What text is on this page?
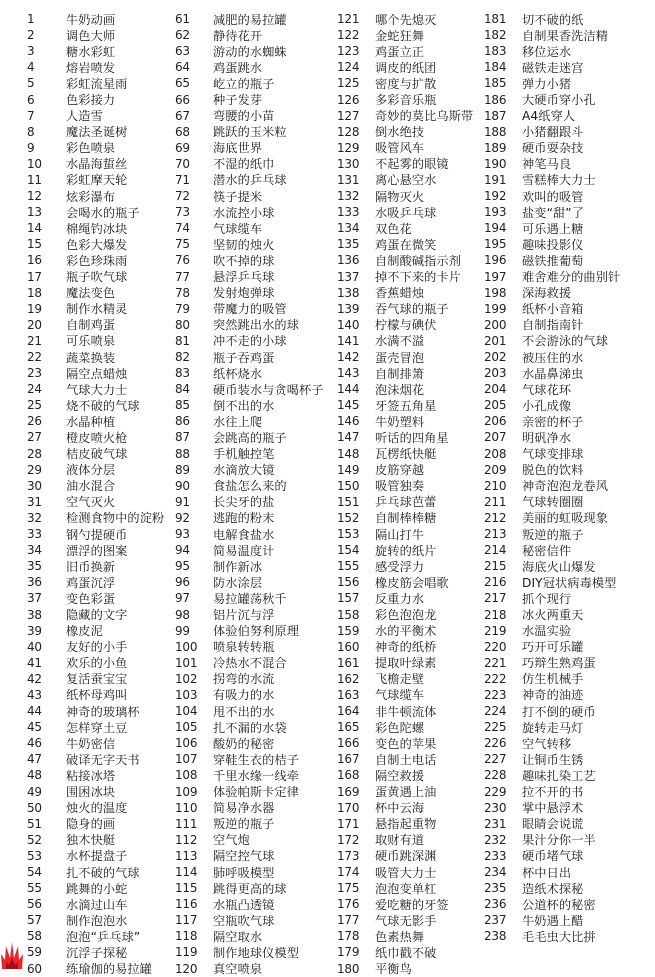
1	牛奶动画
2	调色大师
3	糖水彩虹
4	熔岩喷发
5	彩虹流星雨
6	色彩接力
7	人造雪
8	魔法圣诞树
9	彩色喷泉
10	水晶海蜇丝
11	彩虹摩天轮
12	炫彩瀑布
13	会喝水的瓶子
14	棉绳钓冰块
15	色彩大爆发
16	彩色珍珠雨
17	瓶子吹气球
18	魔法变色
19	制作水精灵
20	自制鸡蛋
21	可乐喷泉
22	蔬菜换装
23	隔空点蜡烛
24	气球大力士
25	烧不破的气球
26	水晶种植
27	橙皮喷火枪
28	桔皮破气球
29	液体分层
30	油水混合
31	空气灭火
32	检测食物中的淀粉
33	钢勺提硬币
34	漂浮的图案
35	旧币换新
36	鸡蛋沉浮
37	变色彩蛋
38	隐藏的文字
39	橡皮泥
40	友好的小手
41	欢乐的小鱼
42	复活蚕宝宝
43	纸杯母鸡叫
44	神奇的玻璃杯
45	怎样穿土豆
46	牛奶密信
47	破译无字天书
48	粘接冰塔
49	围困冰块
50	烛火的温度
51	隐身的画
52	独木快艇
53	水杯提盘子
54	扎不破的气球
55	跳舞的小蛇
56	水滴过山车
57	制作泡泡水
58	泡泡“乒乓球”
59	沉浮子探秘
60	练瑜伽的易拉罐
61	减肥的易拉罐
62	静待花开
63	游动的水蜘蛛
64	鸡蛋跳水
65	屹立的瓶子
66	种子发芽
67	弯腰的小苗
68	跳跃的玉米粒
69	海底世界
70	不湿的纸巾
71	潜水的乒乓球
72	筷子提米
73	水流控小球
74	气球缆车
75	坚韧的烛火
76	吹不掉的球
77	悬浮乒乓球
78	发射炮弹球
79	带魔力的吸管
80	突然跳出水的球
81	冲不走的小球
82	瓶子吞鸡蛋
83	纸杯烧水
84	硬币装水与贪喝杯子
85	倒不出的水
86	水往上爬
87	会跳高的瓶子
88	手机触控笔
89	水滴放大镜
90	食盐怎么来的
91	长尖牙的盐
92	逃跑的粉末
93	电解食盐水
94	简易温度计
95	制作新冰
96	防水涂层
97	易拉罐荡秋千
98	铝片沉与浮
99	体验伯努利原理
100	喷泉转转瓶
101	冷热水不混合
102	拐弯的水流
103	有吸力的水
104	甩不出的水
105	扎不漏的水袋
106	酸奶的秘密
107	穿鞋生衣的桔子
108	千里水缘一线牵
109	体验帕斯卡定律
110	简易净水器
111	叛逆的瓶子
112	空气炮
113	隔空控气球
114	肺呼吸模型
115	跳得更高的球
116	水瓶凸透镜
117	空瓶吹气球
118	隔空取水
119	制作地球仪模型
120	真空喷泉
121	哪个先熄灭
122	金蛇狂舞
123	鸡蛋立正
124	调皮的纸团
125	密度与扩散
126	多彩音乐瓶
127	奇妙的莫比乌斯带
128	倒水绝技
129	吸管风车
130	不起雾的眼镜
131	离心悬空水
132	隔物灭火
133	水吸乒乓球
134	双色花
135	鸡蛋在微笑
136	自制酸碱指示剂
137	掉不下来的卡片
138	香蕉蜡烛
139	吞气球的瓶子
140	柠檬与碘伏
141	水满不溢
142	蛋壳冒泡
143	自制排箫
144	泡沫烟花
145	牙签五角星
146	牛奶塑料
147	听话的四角星
148	瓦楞纸快艇
149	皮筋穿越
150	吸管独奏
151	乒乓球芭蕾
152	自制棒棒糖
153	隔山打牛
154	旋转的纸片
155	感受浮力
156	橡皮筋会唱歌
157	反重力水
158	彩色泡泡龙
159	水的平衡术
160	神奇的纸桥
161	提取叶绿素
162	飞檐走壁
163	气球缆车
164	非牛顿流体
165	彩色陀螺
166	变色的苹果
167	自制土电话
168	隔空救援
169	蛋黄遇上油
170	杯中云海
171	悬指起重物
172	取财有道
173	硬币跳深渊
174	吸管大力士
175	泡泡变单杠
176	爱吃糖的牙签
177	气球无影手
178	色素热舞
179	纸巾戳不破
180	平衡鸟
181	切不破的纸
182	自制果香洗洁精
183	移位运水
184	磁铁走迷宫
185	弹力小猪
186	大硬币穿小孔
187	A4纸穿人
188	小猪翻跟斗
189	硬币耍杂技
190	神笔马良
191	雪糕棒大力士
192	欢叫的吸管
193	盐变“甜”了
194	可乐遇上糖
195	趣味投影仪
196	磁铁推葡萄
197	难舍难分的曲别针
198	深海救援
199	纸杯小音箱
200	自制指南针
201	不会游泳的气球
202	被压住的水
203	水晶鼻涕虫
204	气球花环
205	小孔成像
206	亲密的杯子
207	明矾净水
208	气球变排球
209	脱色的饮料
210	神奇泡泡龙卷风
211	气球转圈圈
212	美丽的虹吸现象
213	叛逆的瓶子
214	秘密信件
215	海底火山爆发
216	DIY冠状病毒模型
217	抓个现行
218	冰火两重天
219	水温实验
220	巧开可乐罐
221	巧辩生熟鸡蛋
222	仿生机械手
223	神奇的油迹
224	打不倒的硬币
225	旋转走马灯
226	空气转移
227	让铜币生锈
228	趣味扎染工艺
229	拉不开的书
230	掌中悬浮术
231	眼睛会说谎
232	果汁分你一半
233	硬币堵气球
234	杯中日出
235	造纸术探秘
236	公道杯的秘密
237	牛奶遇上醋
238	毛毛虫大比拼
